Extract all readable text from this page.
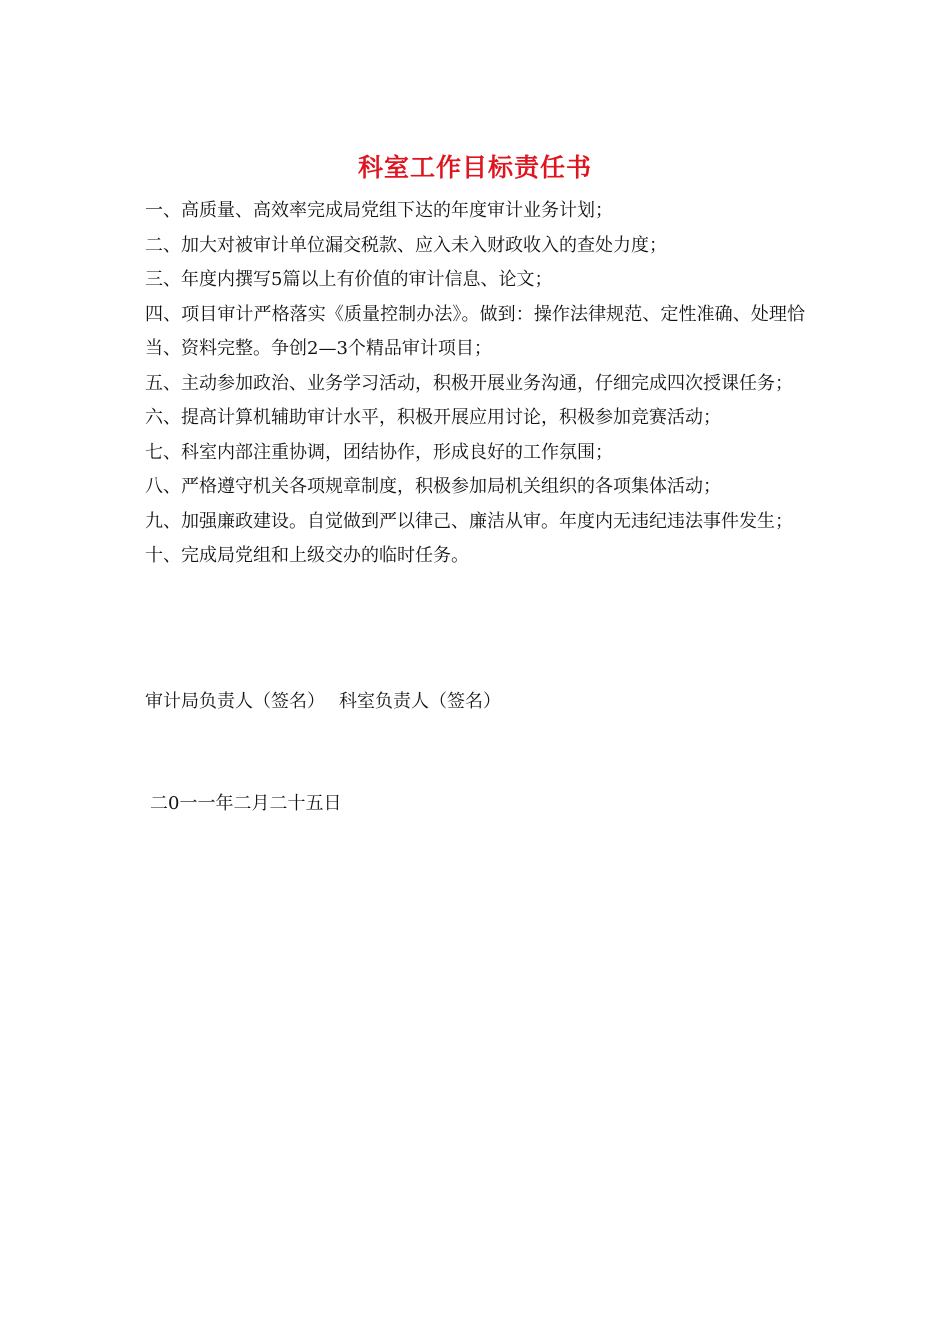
科室工作目标责任书

一、高质量、高效率完成局党组下达的年度审计业务计划；

二、加大对被审计单位漏交税款、应入未入财政收入的查处力度；

三、年度内撰写5篇以上有价值的审计信息、论文；

四、项目审计严格落实《质量控制办法》。做到：操作法律规范、定性准确、处理恰当、资料完整。争创2—3个精品审计项目；

五、主动参加政治、业务学习活动，积极开展业务沟通，仔细完成四次授课任务；

六、提高计算机辅助审计水平，积极开展应用讨论，积极参加竞赛活动；

七、科室内部注重协调，团结协作，形成良好的工作氛围；

八、严格遵守机关各项规章制度，积极参加局机关组织的各项集体活动；

九、加强廉政建设。自觉做到严以律己、廉洁从审。年度内无违纪违法事件发生；

十、完成局党组和上级交办的临时任务。

审计局负责人（签名） 科室负责人（签名）
二0一一年二月二十五日
